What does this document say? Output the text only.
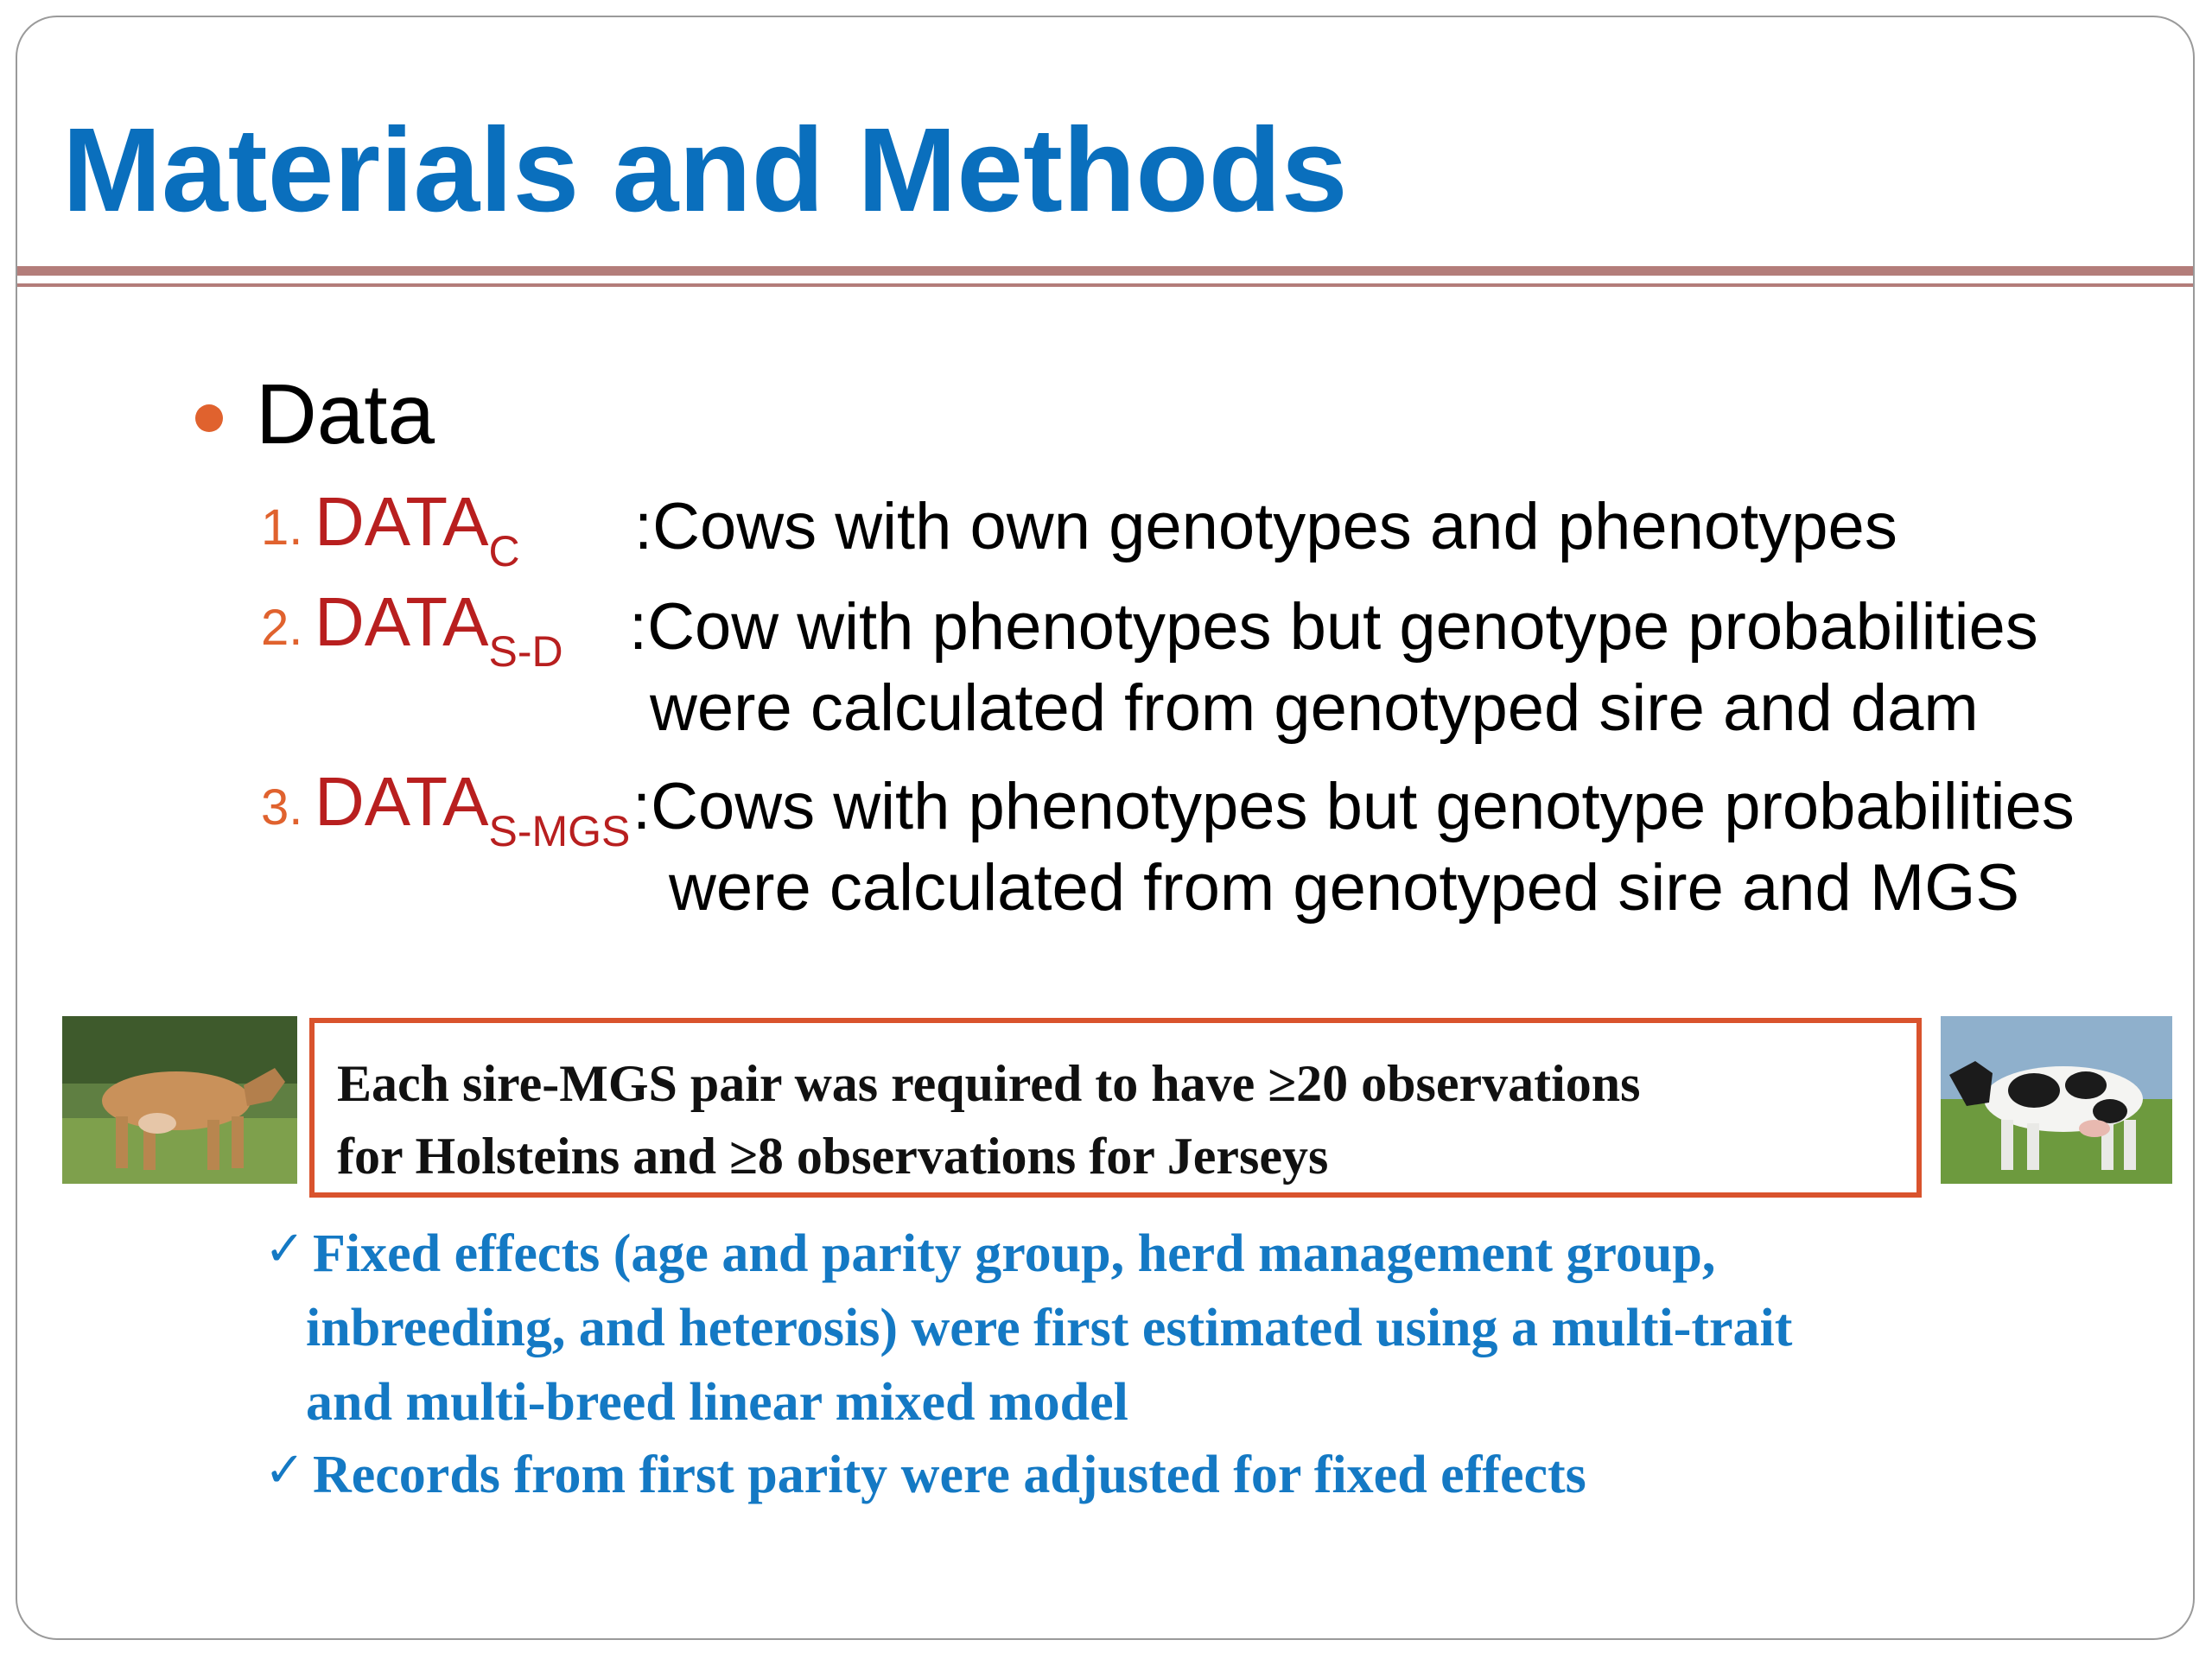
Materials and Methods
Data
1. $DATA_C$ :Cows with own genotypes and phenotypes
2. $DATA_{S-D}$ :Cow with phenotypes but genotype probabilities
were calculated from genotyped sire and dam
3. $DATA_{S-MGS}$ :Cows with phenotypes but genotype probabilities
were calculated from genotyped sire and MGS
Each sire-MGS pair was required to have ≥20 observations
for Holsteins and ≥8 observations for Jerseys
✓ Fixed effects (age and parity group, herd management group,
inbreeding, and heterosis) were first estimated using a multi-trait
and multi-breed linear mixed model
✓ Records from first parity were adjusted for fixed effects
